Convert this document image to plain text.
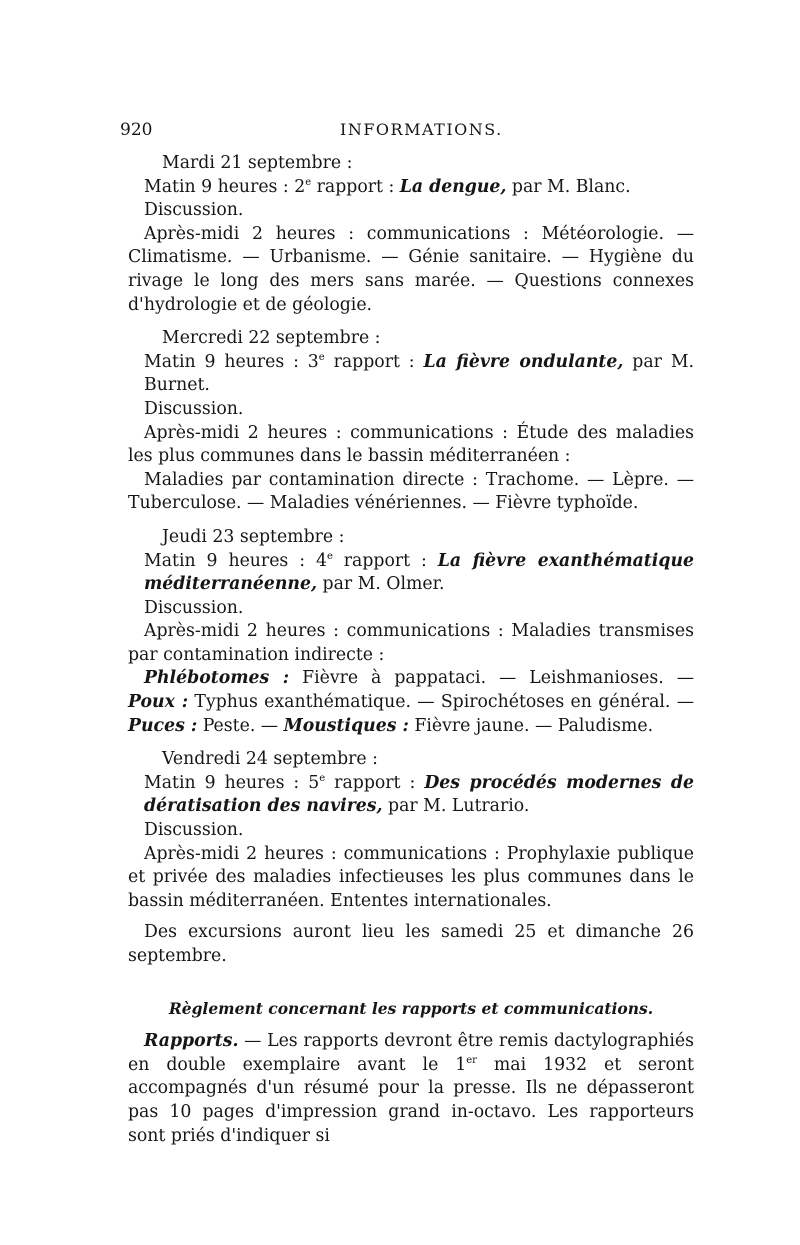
920	INFORMATIONS.

Mardi 21 septembre :

Matin 9 heures : 2e rapport : La dengue, par M. Blanc.

Discussion.

Après-midi 2 heures : communications : Météorologie. — Climatisme. — Urbanisme. — Génie sanitaire. — Hygiène du rivage le long des mers sans marée. — Questions connexes d'hydrologie et de géologie.

Mercredi 22 septembre :

Matin 9 heures : 3e rapport : La fièvre ondulante, par M. Burnet.

Discussion.

Après-midi 2 heures : communications : Étude des maladies les plus communes dans le bassin méditerranéen :

Maladies par contamination directe : Trachome. — Lèpre. — Tuberculose. — Maladies vénériennes. — Fièvre typhoïde.

Jeudi 23 septembre :

Matin 9 heures : 4e rapport : La fièvre exanthématique méditerranéenne, par M. Olmer.

Discussion.

Après-midi 2 heures : communications : Maladies transmises par contamination indirecte :

Phlébotomes : Fièvre à pappataci. — Leishmanioses. — Poux : Typhus exanthématique. — Spirochétoses en général. — Puces : Peste. — Moustiques : Fièvre jaune. — Paludisme.

Vendredi 24 septembre :

Matin 9 heures : 5e rapport : Des procédés modernes de dératisation des navires, par M. Lutrario.

Discussion.

Après-midi 2 heures : communications : Prophylaxie publique et privée des maladies infectieuses les plus communes dans le bassin méditerranéen. Ententes internationales.

Des excursions auront lieu les samedi 25 et dimanche 26 septembre.

Règlement concernant les rapports et communications.

Rapports. — Les rapports devront être remis dactylographiés en double exemplaire avant le 1er mai 1932 et seront accompagnés d'un résumé pour la presse. Ils ne dépasseront pas 10 pages d'impression grand in-octavo. Les rapporteurs sont priés d'indiquer si
